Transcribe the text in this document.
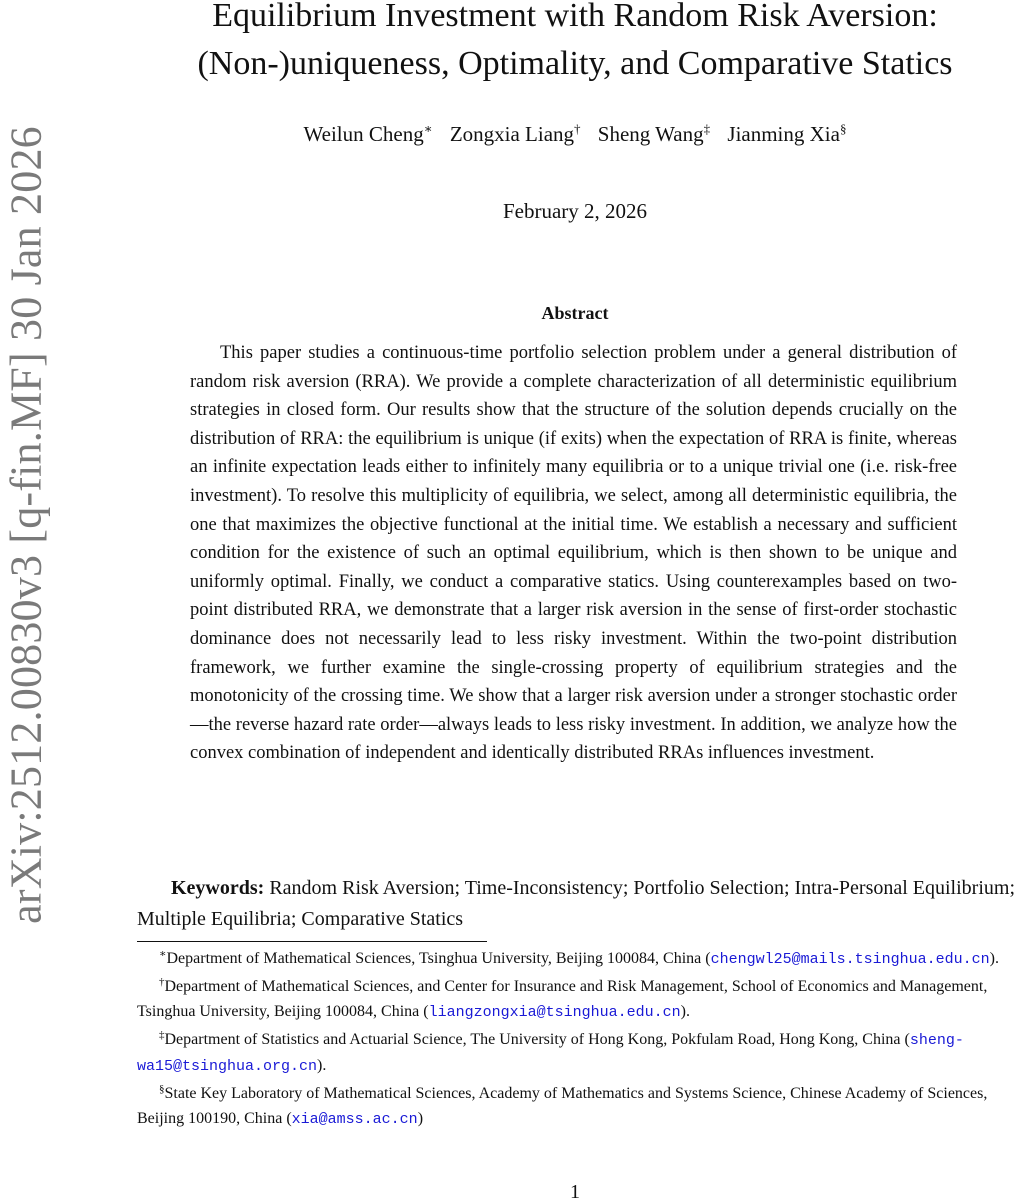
arXiv:2512.00830v3 [q-fin.MF] 30 Jan 2026
Equilibrium Investment with Random Risk Aversion:
(Non-)uniqueness, Optimality, and Comparative Statics
Weilun Cheng∗ Zongxia Liang† Sheng Wang‡ Jianming Xia§
February 2, 2026
Abstract
This paper studies a continuous-time portfolio selection problem under a general distribution of random risk aversion (RRA). We provide a complete characterization of all deterministic equilibrium strategies in closed form. Our results show that the structure of the solution depends crucially on the distribution of RRA: the equilibrium is unique (if exits) when the expectation of RRA is finite, whereas an infinite expectation leads either to infinitely many equilibria or to a unique trivial one (i.e. risk-free investment). To resolve this multiplicity of equilibria, we select, among all deterministic equilibria, the one that maximizes the objective functional at the initial time. We establish a necessary and sufficient condition for the existence of such an optimal equilibrium, which is then shown to be unique and uniformly optimal. Finally, we conduct a comparative statics. Using counterexamples based on two-point distributed RRA, we demonstrate that a larger risk aversion in the sense of first-order stochastic dominance does not necessarily lead to less risky investment. Within the two-point distribution framework, we further examine the single-crossing property of equilibrium strategies and the monotonicity of the crossing time. We show that a larger risk aversion under a stronger stochastic order—the reverse hazard rate order—always leads to less risky investment. In addition, we analyze how the convex combination of independent and identically distributed RRAs influences investment.
Keywords: Random Risk Aversion; Time-Inconsistency; Portfolio Selection; Intra-Personal Equilibrium; Multiple Equilibria; Comparative Statics
∗Department of Mathematical Sciences, Tsinghua University, Beijing 100084, China (chengwl25@mails.tsinghua.edu.cn).
†Department of Mathematical Sciences, and Center for Insurance and Risk Management, School of Economics and Management, Tsinghua University, Beijing 100084, China (liangzongxia@tsinghua.edu.cn).
‡Department of Statistics and Actuarial Science, The University of Hong Kong, Pokfulam Road, Hong Kong, China (sheng-wa15@tsinghua.org.cn).
§State Key Laboratory of Mathematical Sciences, Academy of Mathematics and Systems Science, Chinese Academy of Sciences, Beijing 100190, China (xia@amss.ac.cn)
1
